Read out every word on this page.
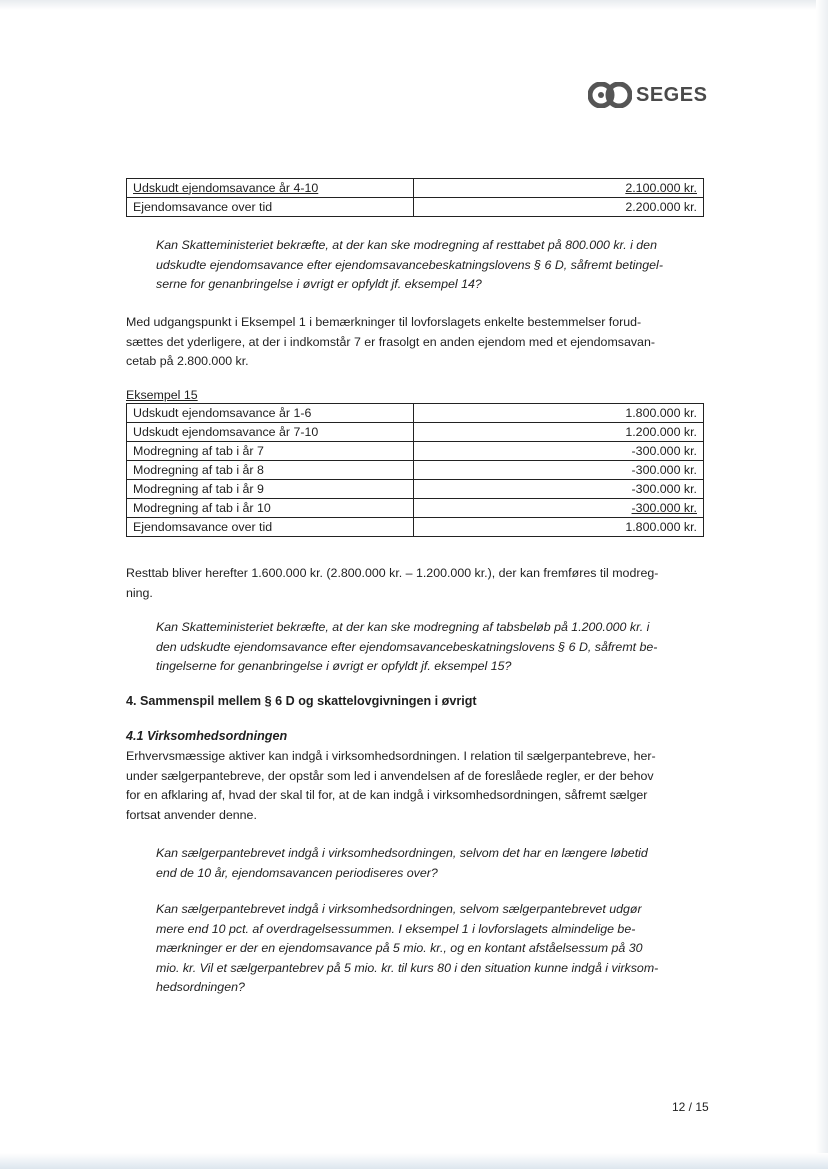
SEGES
Udskudt ejendomsavance år 4-10	2.100.000 kr.
Ejendomsavance over tid	2.200.000 kr.

Kan Skatteministeriet bekræfte, at der kan ske modregning af resttabet på 800.000 kr. i den

udskudte ejendomsavance efter ejendomsavancebeskatningslovens § 6 D, såfremt betingel-

serne for genanbringelse i øvrigt er opfyldt jf. eksempel 14?

Med udgangspunkt i Eksempel 1 i bemærkninger til lovforslagets enkelte bestemmelser forud-

sættes det yderligere, at der i indkomstår 7 er frasolgt en anden ejendom med et ejendomsavan-

cetab på 2.800.000 kr.

Eksempel 15
Udskudt ejendomsavance år 1-6	1.800.000 kr.
Udskudt ejendomsavance år 7-10	1.200.000 kr.
Modregning af tab i år 7	-300.000 kr.
Modregning af tab i år 8	-300.000 kr.
Modregning af tab i år 9	-300.000 kr.
Modregning af tab i år 10	-300.000 kr.
Ejendomsavance over tid	1.800.000 kr.

Resttab bliver herefter 1.600.000 kr. (2.800.000 kr. – 1.200.000 kr.), der kan fremføres til modreg-

ning.

Kan Skatteministeriet bekræfte, at der kan ske modregning af tabsbeløb på 1.200.000 kr. i

den udskudte ejendomsavance efter ejendomsavancebeskatningslovens § 6 D, såfremt be-

tingelserne for genanbringelse i øvrigt er opfyldt jf. eksempel 15?

4. Sammenspil mellem § 6 D og skattelovgivningen i øvrigt
4.1 Virksomhedsordningen

Erhvervsmæssige aktiver kan indgå i virksomhedsordningen. I relation til sælgerpantebreve, her-

under sælgerpantebreve, der opstår som led i anvendelsen af de foreslåede regler, er der behov

for en afklaring af, hvad der skal til for, at de kan indgå i virksomhedsordningen, såfremt sælger

fortsat anvender denne.

Kan sælgerpantebrevet indgå i virksomhedsordningen, selvom det har en længere løbetid

end de 10 år, ejendomsavancen periodiseres over?

Kan sælgerpantebrevet indgå i virksomhedsordningen, selvom sælgerpantebrevet udgør

mere end 10 pct. af overdragelsessummen. I eksempel 1 i lovforslagets almindelige be-

mærkninger er der en ejendomsavance på 5 mio. kr., og en kontant afståelsessum på 30

mio. kr. Vil et sælgerpantebrev på 5 mio. kr. til kurs 80 i den situation kunne indgå i virksom-

hedsordningen?

12 / 15
